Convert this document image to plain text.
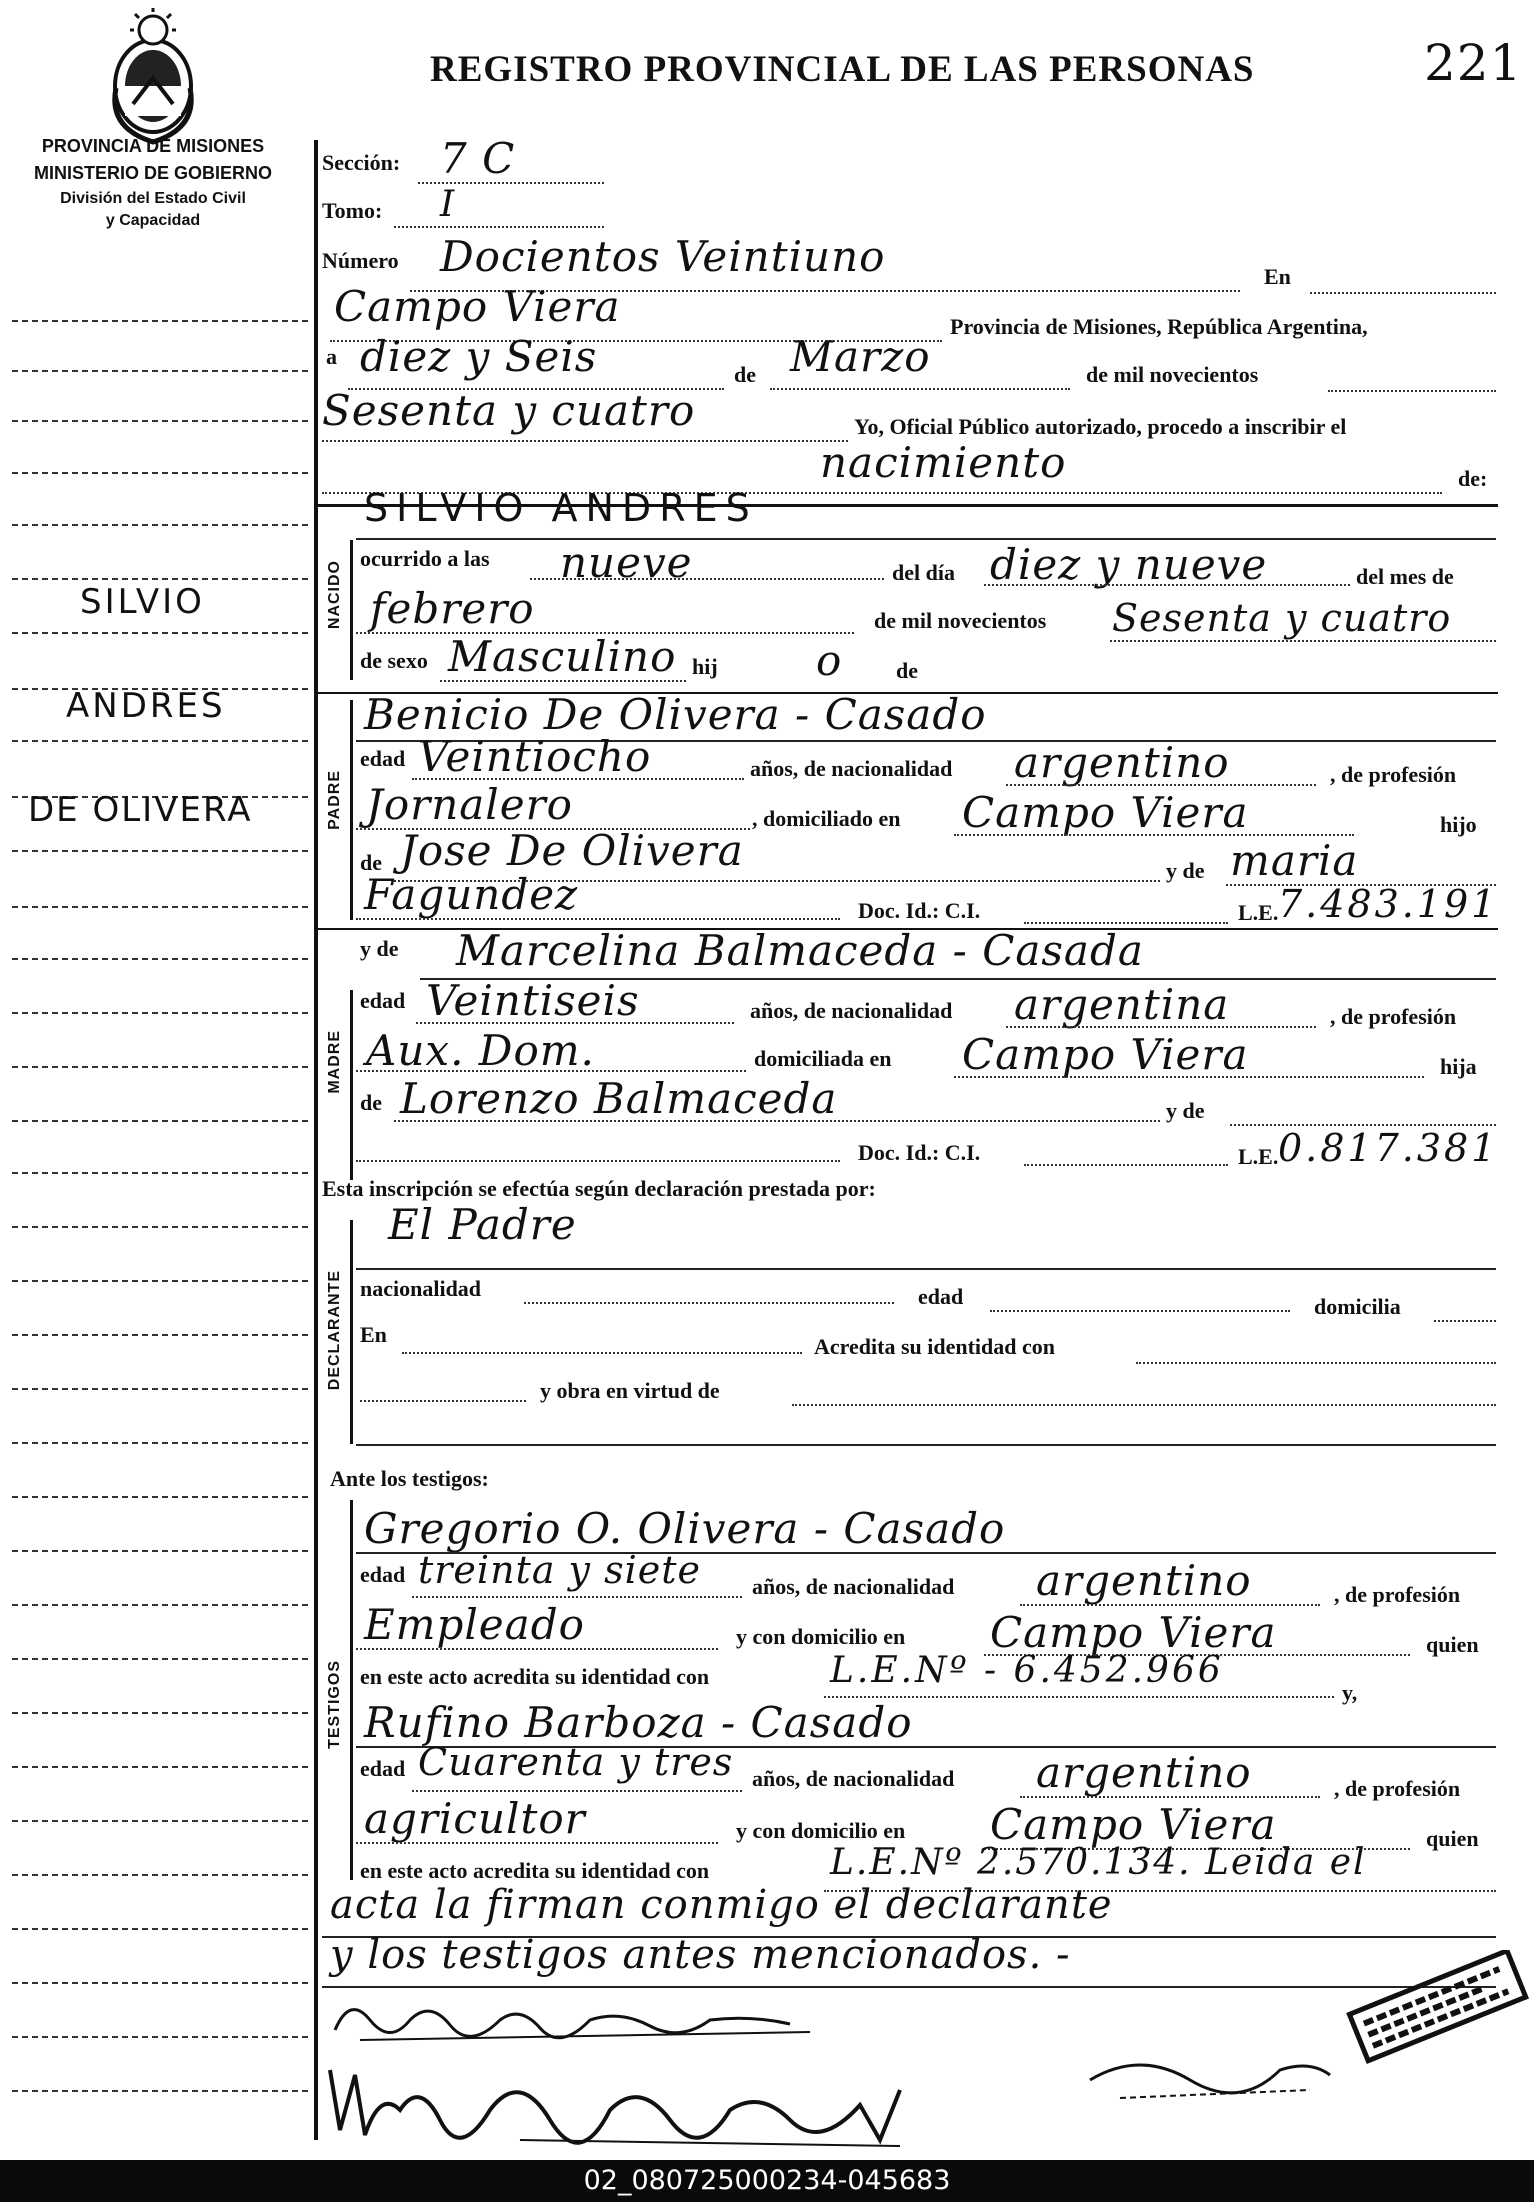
REGISTRO PROVINCIAL DE LAS PERSONAS	221
PROVINCIA DE MISIONES
MINISTERIO DE GOBIERNO
División del Estado Civil
y Capacidad
SILVIO
ANDRES
DE OLIVERA
Sección: 7 C
Tomo: I
Número Docientos Veintiuno	En
Campo Viera	Provincia de Misiones, República Argentina,
a diez y Seis	de Marzo	de mil novecientos
Sesenta y cuatro	Yo, Oficial Público autorizado, procedo a inscribir el
nacimiento	de:
NACIDO
SILVIO ANDRES
ocurrido a las nueve	del día diez y nueve	del mes de
febrero	de mil novecientos Sesenta y cuatro
de sexo Masculino hij o de
PADRE
Benicio De Olivera - Casado
edad Veintiocho	años, de nacionalidad argentino	, de profesión
Jornalero	, domiciliado en Campo Viera	hijo
de Jose De Olivera	y de maria
Fagundez	Doc. Id.: C.I.	L.E. 7.483.191
MADRE
y de Marcelina Balmaceda - Casada
edad Veintiseis	años, de nacionalidad argentina	, de profesión
Aux. Dom.	domiciliada en Campo Viera	hija
de Lorenzo Balmaceda	y de
Doc. Id.: C.I.	L.E. 0.817.381
Esta inscripción se efectúa según declaración prestada por:
DECLARANTE
El Padre
nacionalidad	edad	domicilia
En	Acredita su identidad con
y obra en virtud de
Ante los testigos:
TESTIGOS
Gregorio O. Olivera - Casado
edad treinta y siete años, de nacionalidad argentino	, de profesión
Empleado	y con domicilio en Campo Viera	quien
en este acto acredita su identidad con	L.E.Nº - 6.452.966
y,
Rufino Barboza - Casado
edad Cuarenta y tres años, de nacionalidad argentino	, de profesión
agricultor	y con domicilio en Campo Viera	quien
en este acto acredita su identidad con	L.E.Nº 2.570.134. Leida el
acta la firman conmigo el declarante
y los testigos antes mencionados. -
02_080725000234-045683
